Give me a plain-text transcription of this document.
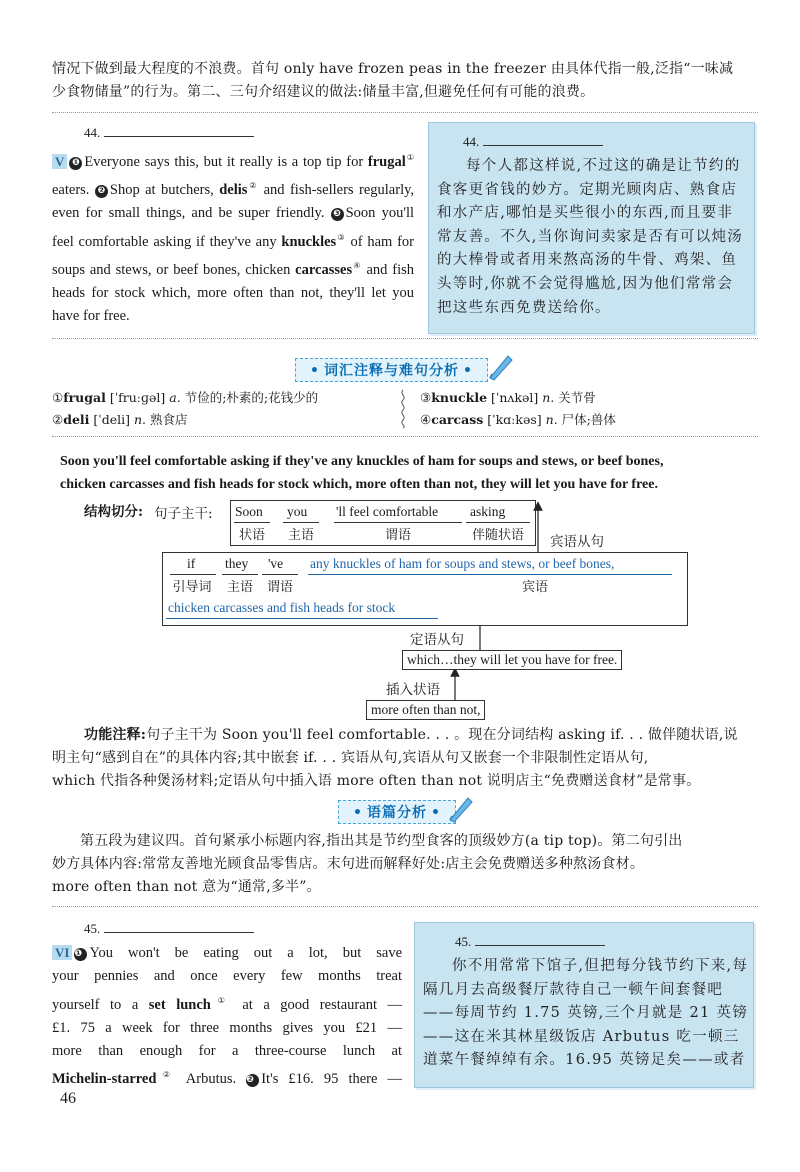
情况下做到最大程度的不浪费。首句 only have frozen peas in the freezer 由具体代指一般,泛指“一味减
少食物储量”的行为。第二、三句介绍建议的做法:储量丰富,但避免任何有可能的浪费。
44.
V ❶ Everyone says this, but it really is a top tip for frugal① eaters. ❷ Shop at butchers, delis② and fish-sellers regularly, even for small things, and be super friendly. ❸ Soon you'll feel comfortable asking if they've any knuckles③ of ham for soups and stews, or beef bones, chicken carcasses④ and fish heads for stock which, more often than not, they'll let you have for free.
44.
每个人都这样说,不过这的确是让节约的食客更省钱的妙方。定期光顾肉店、熟食店和水产店,哪怕是买些很小的东西,而且要非常友善。不久,当你询问卖家是否有可以炖汤的大棒骨或者用来熬高汤的牛骨、鸡架、鱼头等时,你就不会觉得尴尬,因为他们常常会把这些东西免费送给你。
• 词汇注释与难句分析 •
①frugal [ˈfruːɡəl] a. 节俭的;朴素的;花钱少的
②deli [ˈdeli] n. 熟食店
③knuckle [ˈnʌkəl] n. 关节骨
④carcass [ˈkɑːkəs] n. 尸体;兽体
Soon you'll feel comfortable asking if they've any knuckles of ham for soups and stews, or beef bones,
chicken carcasses and fish heads for stock which, more often than not, they will let you have for free.
结构切分: 句子主干: Soon
状语
you
主语
'll feel comfortable
谓语
asking
伴随状语	宾语从句
if
引导词
they
主语
've
谓语
any knuckles of ham for soups and stews, or beef bones,
宾语
chicken carcasses and fish heads for stock
定语从句
which…they will let you have for free.
插入状语
more often than not,
功能注释:句子主干为 Soon you'll feel comfortable. . . 。现在分词结构 asking if. . . 做伴随状语,说
明主句“感到自在”的具体内容;其中嵌套 if. . . 宾语从句,宾语从句又嵌套一个非限制性定语从句,
which 代指各种煲汤材料;定语从句中插入语 more often than not 说明店主“免费赠送食材”是常事。
• 语篇分析 •
第五段为建议四。首句紧承小标题内容,指出其是节约型食客的顶级妙方(a tip top)。第二句引出
妙方具体内容:常常友善地光顾食品零售店。末句进而解释好处:店主会免费赠送多种熬汤食材。
more often than not 意为“通常,多半”。
45.
VI ❶ You won't be eating out a lot, but save
your pennies and once every few months treat
yourself to a set lunch① at a good restaurant —
£1. 75 a week for three months gives you £21 —
more than enough for a three-course lunch at
Michelin-starred② Arbutus. ❷ It's £16. 95 there —
45.
你不用常常下馆子,但把每分钱节约下来,每隔几月去高级餐厅款待自己一顿午间套餐吧——每周节约 1.75 英镑,三个月就是 21 英镑——这在米其林星级饭店 Arbutus 吃一顿三道菜午餐绰绰有余。16.95 英镑足矣——或者
46
